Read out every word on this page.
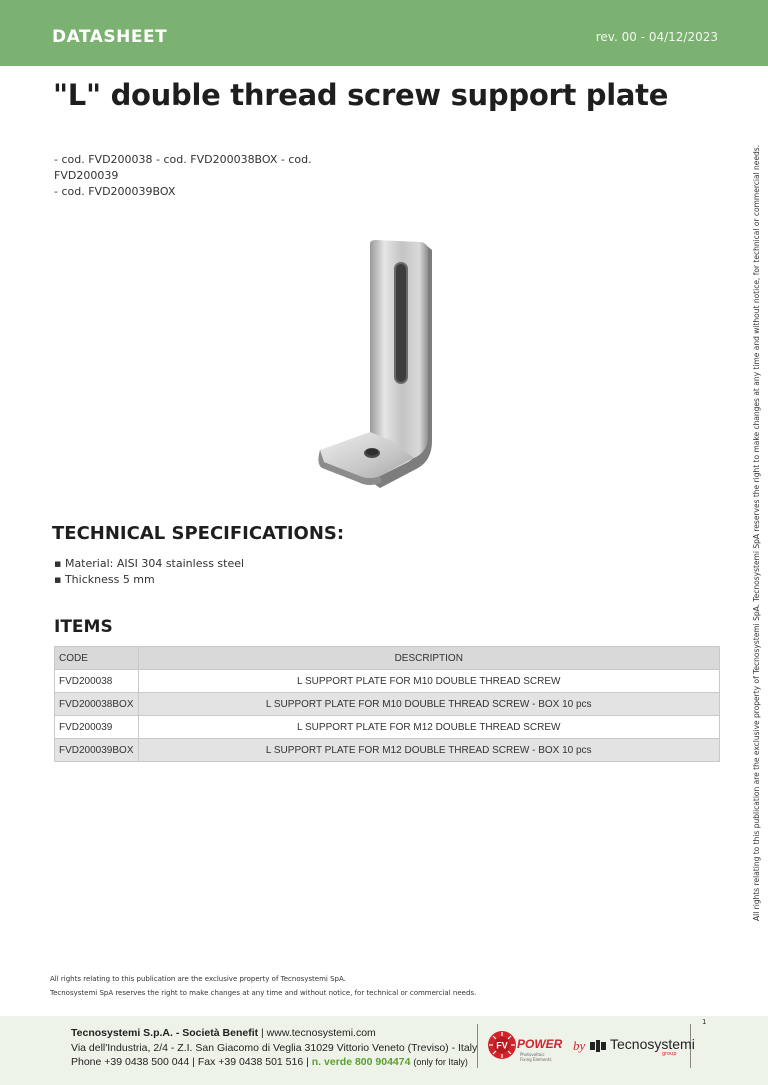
DATASHEET	rev. 00 - 04/12/2023
"L" double thread screw support plate
- cod. FVD200038 - cod. FVD200038BOX - cod.
FVD200039
- cod. FVD200039BOX
TECHNICAL SPECIFICATIONS:
▪ Material: AISI 304 stainless steel
▪ Thickness 5 mm
ITEMS
CODE	DESCRIPTION
FVD200038	L SUPPORT PLATE FOR M10 DOUBLE THREAD SCREW
FVD200038BOX	L SUPPORT PLATE FOR M10 DOUBLE THREAD SCREW - BOX 10 pcs
FVD200039	L SUPPORT PLATE FOR M12 DOUBLE THREAD SCREW
FVD200039BOX	L SUPPORT PLATE FOR M12 DOUBLE THREAD SCREW - BOX 10 pcs	All rights relating to this publication are the exclusive property of Tecnosystemi SpA. Tecnosystemi SpA reserves the right to make changes at any time and without notice, for technical or commercial needs.
All rights relating to this publication are the exclusive property of Tecnosystemi SpA.
Tecnosystemi SpA reserves the right to make changes at any time and without notice, for technical or commercial needs.
Tecnosystemi S.p.A. - Società Benefit | www.tecnosystemi.com
Via dell'Industria, 2/4 - Z.I. San Giacomo di Veglia 31029 Vittorio Veneto (Treviso) - Italy
Phone +39 0438 500 044 | Fax +39 0438 501 516 | n. verde 800 904474 (only for Italy)
1
FV POWER
Photovoltaic
Fixing Elements
by Tecnosystemi
group
